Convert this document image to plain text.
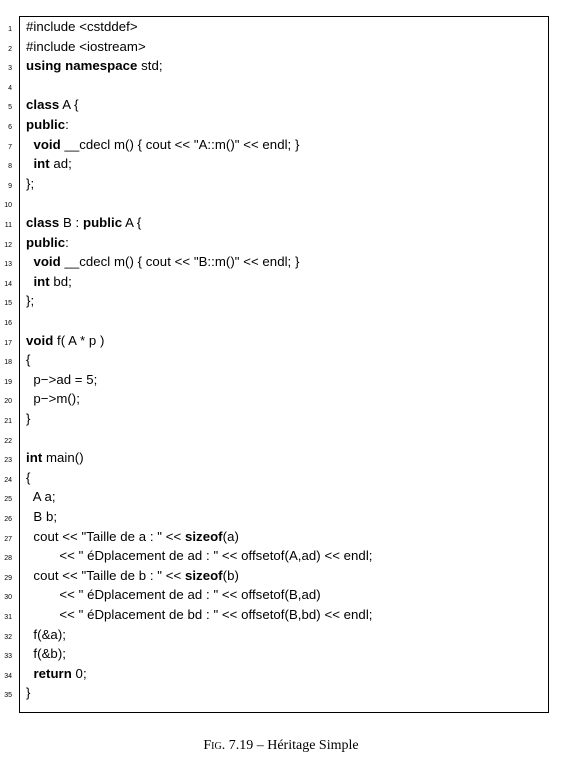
1 #include <cstddef>
2 #include <iostream>
3 using namespace std;
4
5 class A {
6 public:
7	void __cdecl m() { cout << "A::m()" << endl; }
8	int ad;
9 };
10
11 class B : public A {
12 public:
13	void __cdecl m() { cout << "B::m()" << endl; }
14	int bd;
15 };
16
17 void f( A * p )
18 {
19 p−>ad = 5;
20 p−>m();
21 }
22
23 int main()
24 {
25 A a;
26 B b;
27 cout << "Taille de a : " << sizeof(a)
28 << " éDplacement de ad : " << offsetof(A,ad) << endl;
29 cout << "Taille de b : " << sizeof(b)
30 << " éDplacement de ad : " << offsetof(B,ad)
31 << " éDplacement de bd : " << offsetof(B,bd) << endl;
32 f(&a);
33 f(&b);
34	return 0;
35 }
Fig. 7.19 – Héritage Simple
